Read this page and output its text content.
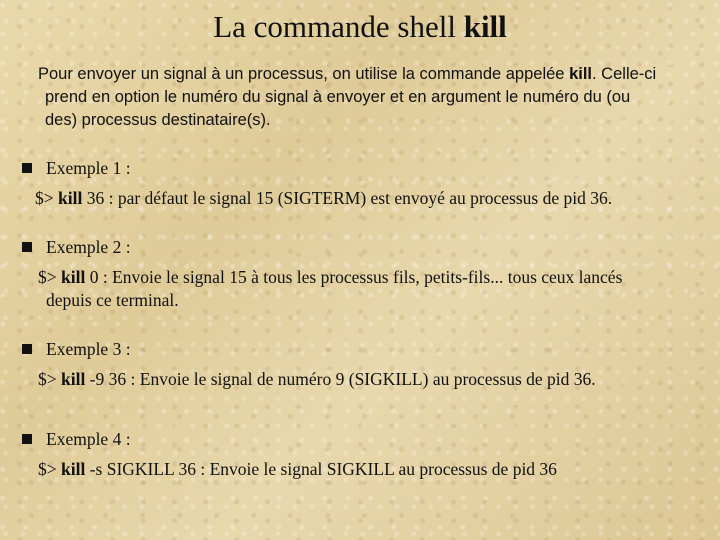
La commande shell kill
Pour envoyer un signal à un processus, on utilise la commande appelée kill. Celle-ci
prend en option le numéro du signal à envoyer et en argument le numéro du (ou
des) processus destinataire(s).
Exemple 1 :
$> kill 36 : par défaut le signal 15 (SIGTERM) est envoyé au processus de pid 36.
Exemple 2 :
$> kill 0 : Envoie le signal 15 à tous les processus fils, petits-fils... tous ceux lancés
depuis ce terminal.
Exemple 3 :
$> kill -9 36 : Envoie le signal de numéro 9 (SIGKILL) au processus de pid 36.
Exemple 4 :
$> kill -s SIGKILL 36 : Envoie le signal SIGKILL au processus de pid 36
